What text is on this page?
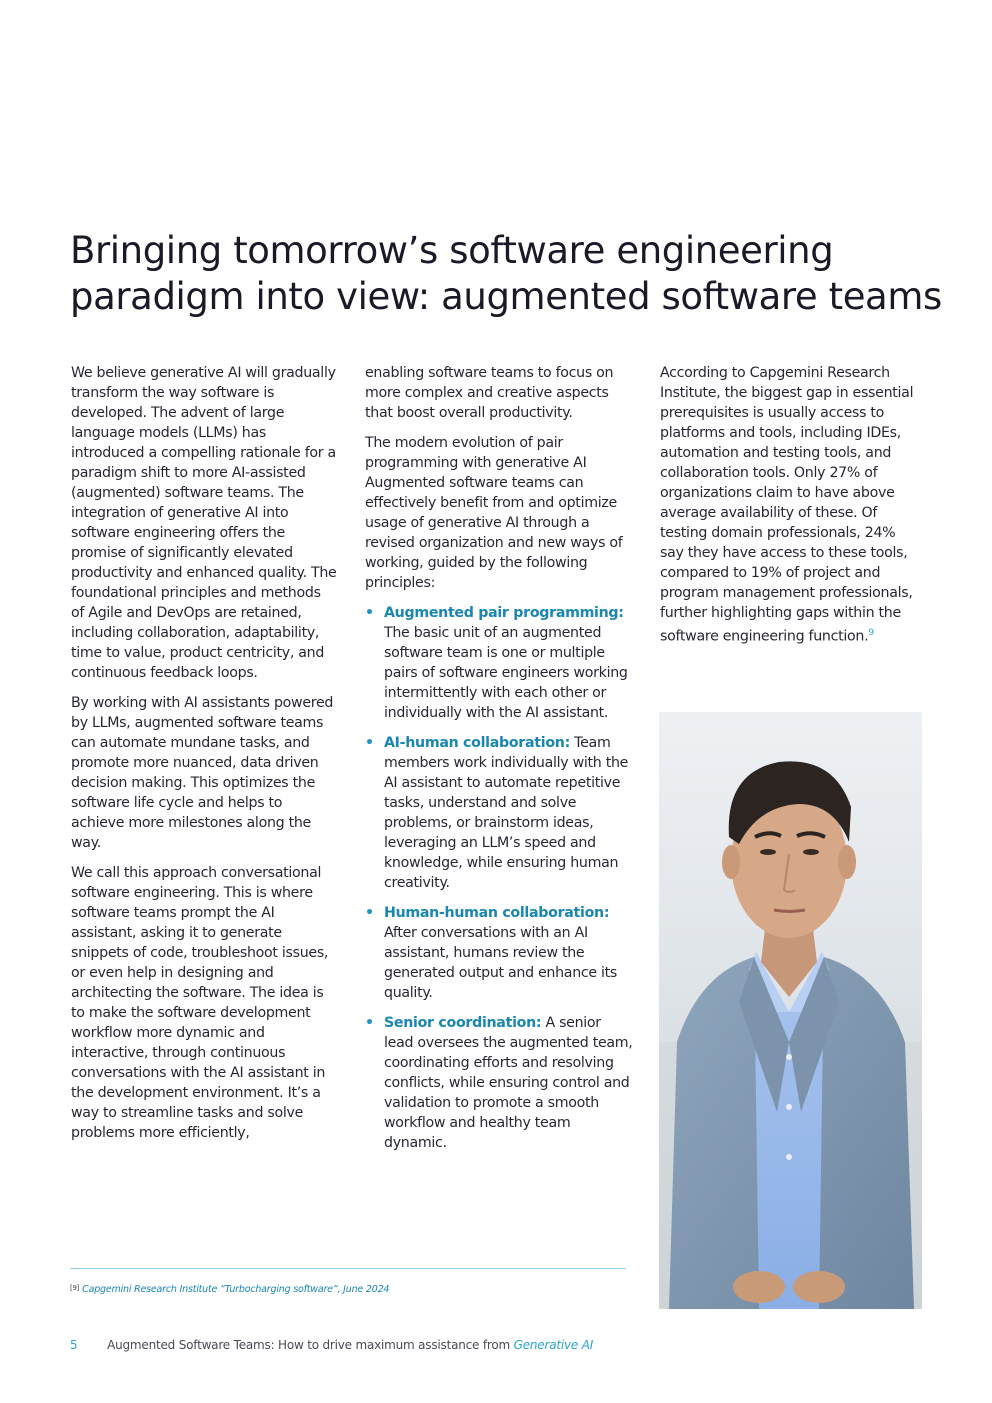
Bringing tomorrow’s software engineering paradigm into view: augmented software teams

We believe generative AI will gradually transform the way software is developed. The advent of large language models (LLMs) has introduced a compelling rationale for a paradigm shift to more AI-assisted (augmented) software teams. The integration of generative AI into software engineering offers the promise of significantly elevated productivity and enhanced quality. The foundational principles and methods of Agile and DevOps are retained, including collaboration, adaptability, time to value, product centricity, and continuous feedback loops.

By working with AI assistants powered by LLMs, augmented software teams can automate mundane tasks, and promote more nuanced, data driven decision making. This optimizes the software life cycle and helps to achieve more milestones along the way.

We call this approach conversational software engineering. This is where software teams prompt the AI assistant, asking it to generate snippets of code, troubleshoot issues, or even help in designing and architecting the software. The idea is to make the software development workflow more dynamic and interactive, through continuous conversations with the AI assistant in the development environment. It’s a way to streamline tasks and solve problems more efficiently,

enabling software teams to focus on more complex and creative aspects that boost overall productivity.

The modern evolution of pair programming with generative AI Augmented software teams can effectively benefit from and optimize usage of generative AI through a revised organization and new ways of working, guided by the following principles:

• Augmented pair programming: The basic unit of an augmented software team is one or multiple pairs of software engineers working intermittently with each other or individually with the AI assistant.
• AI-human collaboration: Team members work individually with the AI assistant to automate repetitive tasks, understand and solve problems, or brainstorm ideas, leveraging an LLM’s speed and knowledge, while ensuring human creativity.
• Human-human collaboration: After conversations with an AI assistant, humans review the generated output and enhance its quality.
• Senior coordination: A senior lead oversees the augmented team, coordinating efforts and resolving conflicts, while ensuring control and validation to promote a smooth workflow and healthy team dynamic.

According to Capgemini Research Institute, the biggest gap in essential prerequisites is usually access to platforms and tools, including IDEs, automation and testing tools, and collaboration tools. Only 27% of organizations claim to have above average availability of these. Of testing domain professionals, 24% say they have access to these tools, compared to 19% of project and program management professionals, further highlighting gaps within the software engineering function.$^9$

[9] Capgemini Research Institute “Turbocharging software”, June 2024
5 Augmented Software Teams: How to drive maximum assistance from Generative AI
